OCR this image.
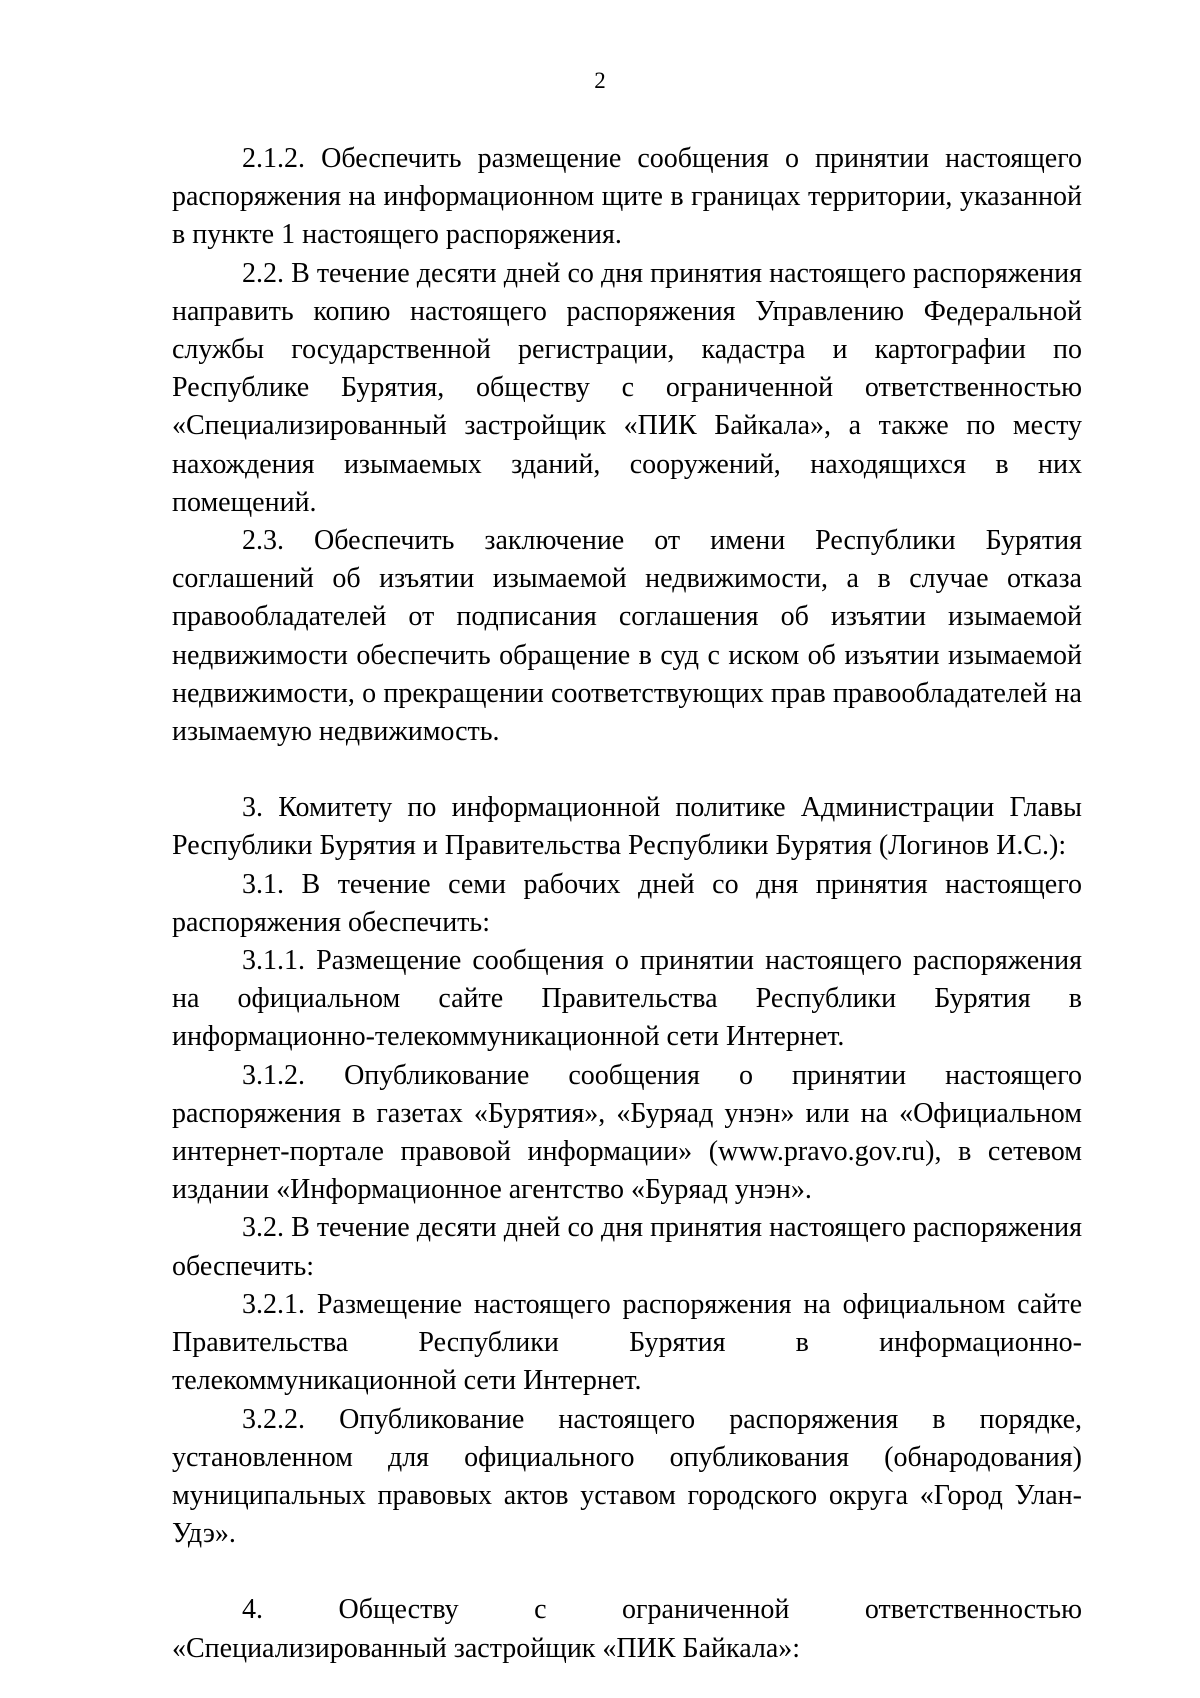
2

2.1.2. Обеспечить размещение сообщения о принятии настоящего распоряжения на информационном щите в границах территории, указанной в пункте 1 настоящего распоряжения.

2.2. В течение десяти дней со дня принятия настоящего распоряжения направить копию настоящего распоряжения Управлению Федеральной службы государственной регистрации, кадастра и картографии по Республике Бурятия, обществу с ограниченной ответственностью «Специализированный застройщик «ПИК Байкала», а также по месту нахождения изымаемых зданий, сооружений, находящихся в них помещений.

2.3. Обеспечить заключение от имени Республики Бурятия соглашений об изъятии изымаемой недвижимости, а в случае отказа правообладателей от подписания соглашения об изъятии изымаемой недвижимости обеспечить обращение в суд с иском об изъятии изымаемой недвижимости, о прекращении соответствующих прав правообладателей на изымаемую недвижимость.

3. Комитету по информационной политике Администрации Главы Республики Бурятия и Правительства Республики Бурятия (Логинов И.С.):

3.1. В течение семи рабочих дней со дня принятия настоящего распоряжения обеспечить:

3.1.1. Размещение сообщения о принятии настоящего распоряжения на официальном сайте Правительства Республики Бурятия в информационно-телекоммуникационной сети Интернет.

3.1.2. Опубликование сообщения о принятии настоящего распоряжения в газетах «Бурятия», «Буряад унэн» или на «Официальном интернет-портале правовой информации» (www.pravo.gov.ru), в сетевом издании «Информационное агентство «Буряад унэн».

3.2. В течение десяти дней со дня принятия настоящего распоряжения обеспечить:

3.2.1. Размещение настоящего распоряжения на официальном сайте Правительства Республики Бурятия в информационно-телекоммуникационной сети Интернет.

3.2.2. Опубликование настоящего распоряжения в порядке, установленном для официального опубликования (обнародования) муниципальных правовых актов уставом городского округа «Город Улан-Удэ».

4. Обществу с ограниченной ответственностью «Специализированный застройщик «ПИК Байкала»:
